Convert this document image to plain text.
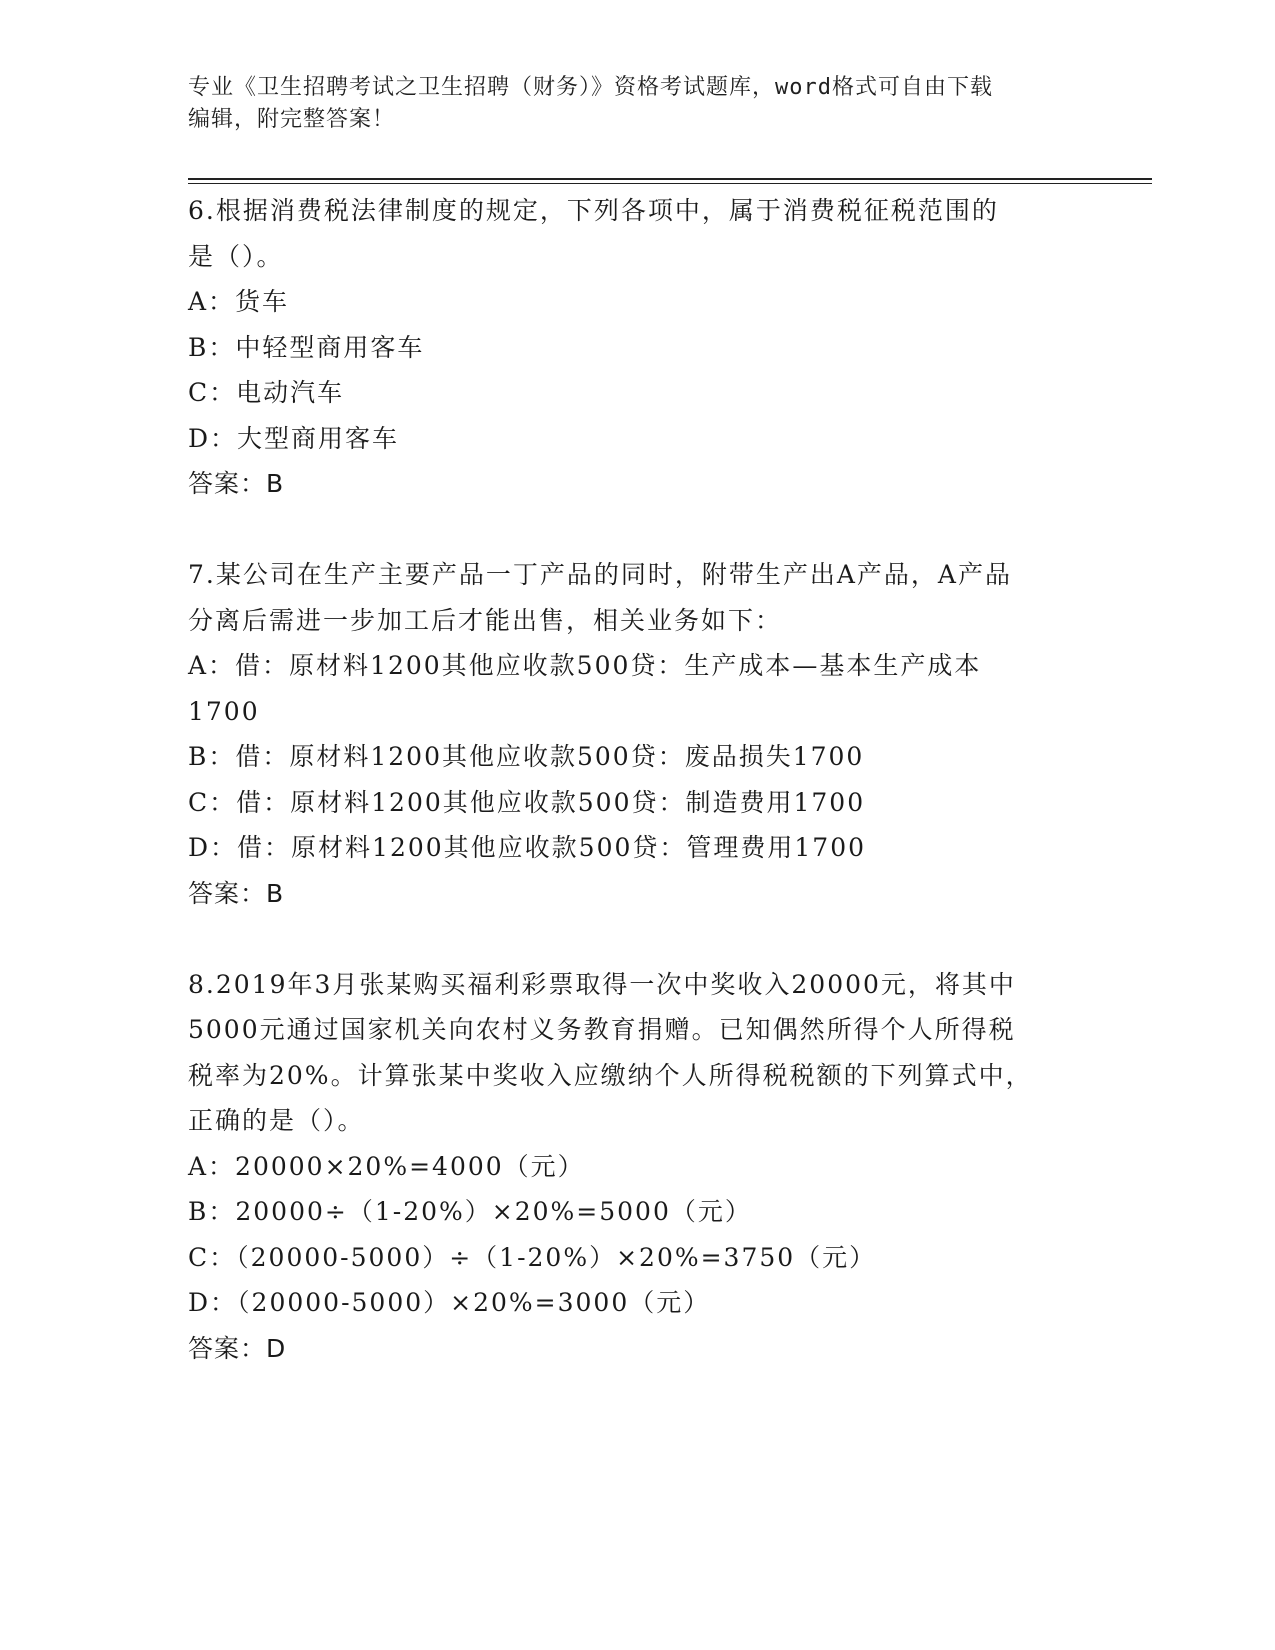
专业《卫生招聘考试之卫生招聘（财务）》资格考试题库，word格式可自由下载
编辑，附完整答案！
6.根据消费税法律制度的规定，下列各项中，属于消费税征税范围的
是（）。
A：货车
B：中轻型商用客车
C：电动汽车
D：大型商用客车
答案：B
7.某公司在生产主要产品一丁产品的同时，附带生产出A产品，A产品
分离后需进一步加工后才能出售，相关业务如下：
A：借：原材料1200其他应收款500贷：生产成本—基本生产成本
1700
B：借：原材料1200其他应收款500贷：废品损失1700
C：借：原材料1200其他应收款500贷：制造费用1700
D：借：原材料1200其他应收款500贷：管理费用1700
答案：B
8.2019年3月张某购买福利彩票取得一次中奖收入20000元，将其中
5000元通过国家机关向农村义务教育捐赠。已知偶然所得个人所得税
税率为20%。计算张某中奖收入应缴纳个人所得税税额的下列算式中，
正确的是（）。
A：20000×20%=4000（元）
B：20000÷（1-20%）×20%=5000（元）
C：（20000-5000）÷（1-20%）×20%=3750（元）
D：（20000-5000）×20%=3000（元）
答案：D
